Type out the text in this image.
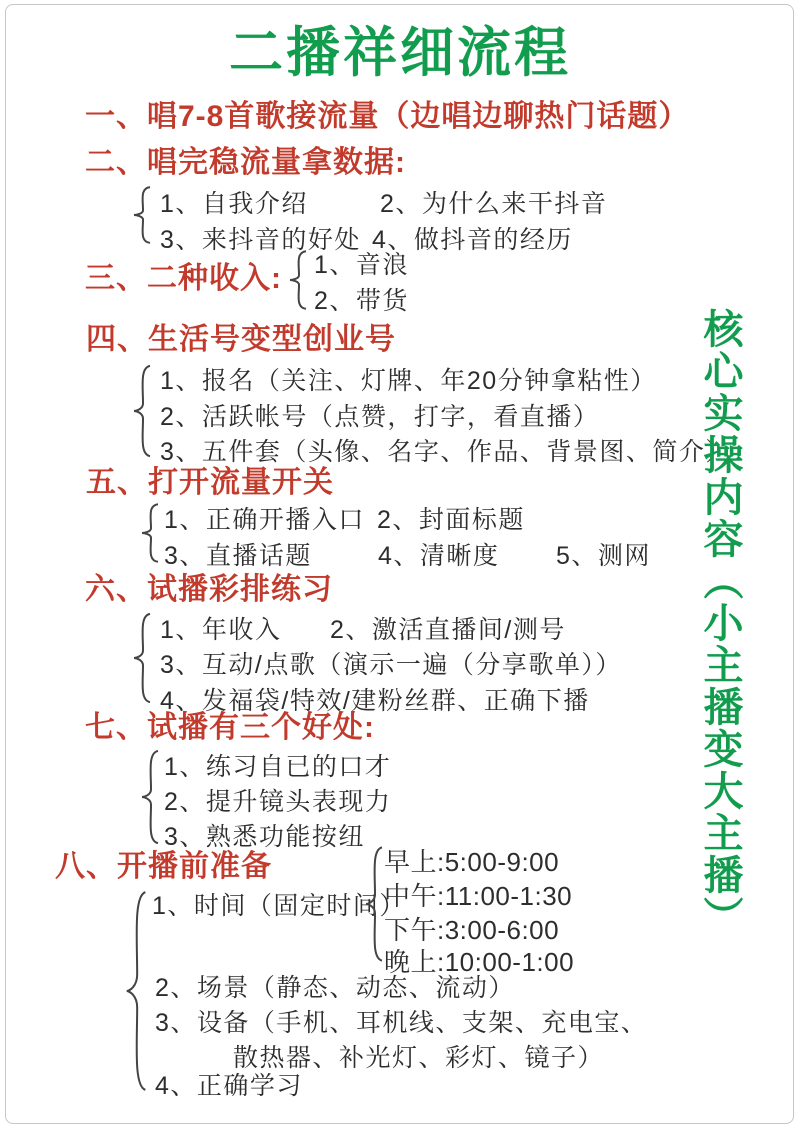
二播祥细流程
一、唱7-8首歌接流量（边唱边聊热门话题）
二、唱完稳流量拿数据:
1、自我介绍	2、为什么来干抖音
3、来抖音的好处 4、做抖音的经历
三、二种收入: 1、音浪
2、带货
四、生活号变型创业号
1、报名（关注、灯牌、年20分钟拿粘性）
2、活跃帐号（点赞，打字，看直播）
3、五件套（头像、名字、作品、背景图、简介）
五、打开流量开关
1、正确开播入口 2、封面标题
3、直播话题	4、清晰度 5、测网
六、试播彩排练习
1、年收入 2、激活直播间/测号
3、互动/点歌（演示一遍（分享歌单））
4、发福袋/特效/建粉丝群、正确下播
七、试播有三个好处:
1、练习自已的口才
2、提升镜头表现力
3、熟悉功能按纽
八、开播前准备
1、时间（固定时间）
早上:5:00-9:00
中午:11:00-1:30
下午:3:00-6:00
晚上:10:00-1:00
2、场景（静态、动态、流动）
3、设备（手机、耳机线、支架、充电宝、
散热器、补光灯、彩灯、镜子）
4、正确学习
核心实操内容（小主播变大主播）
